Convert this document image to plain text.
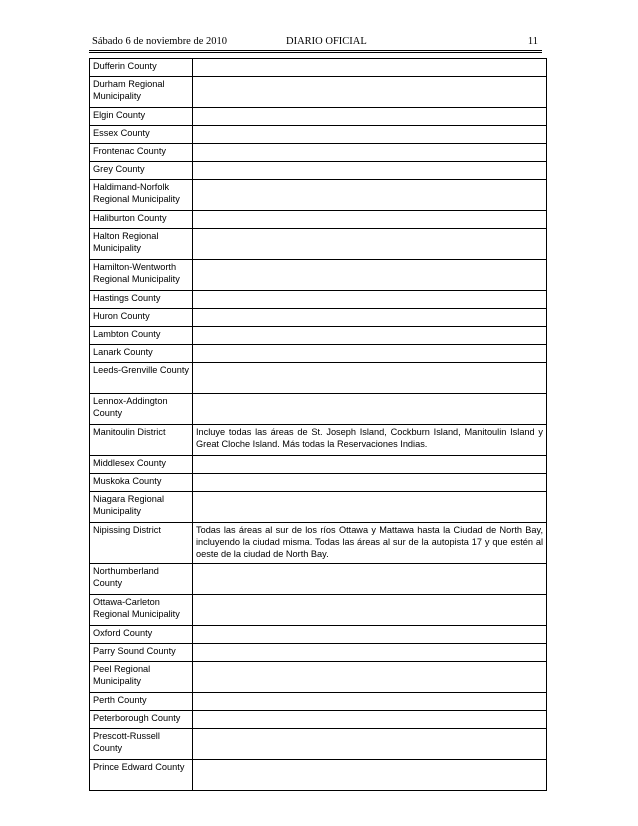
Sábado 6 de noviembre de 2010	DIARIO OFICIAL	11
Dufferin County	
Durham Regional Municipality	
Elgin County	
Essex County	
Frontenac County	
Grey County	
Haldimand-Norfolk Regional Municipality	
Haliburton County	
Halton Regional Municipality	
Hamilton-Wentworth Regional Municipality	
Hastings County	
Huron County	
Lambton County	
Lanark County	
Leeds-Grenville County	
Lennox-Addington County	
Manitoulin District	Incluye todas las áreas de St. Joseph Island, Cockburn Island, Manitoulin Island y Great Cloche Island. Más todas la Reservaciones Indias.
Middlesex County	
Muskoka County	
Niagara Regional Municipality	
Nipissing District	Todas las áreas al sur de los ríos Ottawa y Mattawa hasta la Ciudad de North Bay, incluyendo la ciudad misma. Todas las áreas al sur de la autopista 17 y que estén al oeste de la ciudad de North Bay.
Northumberland County	
Ottawa-Carleton Regional Municipality	
Oxford County	
Parry Sound County	
Peel Regional Municipality	
Perth County	
Peterborough County	
Prescott-Russell County	
Prince Edward County	
